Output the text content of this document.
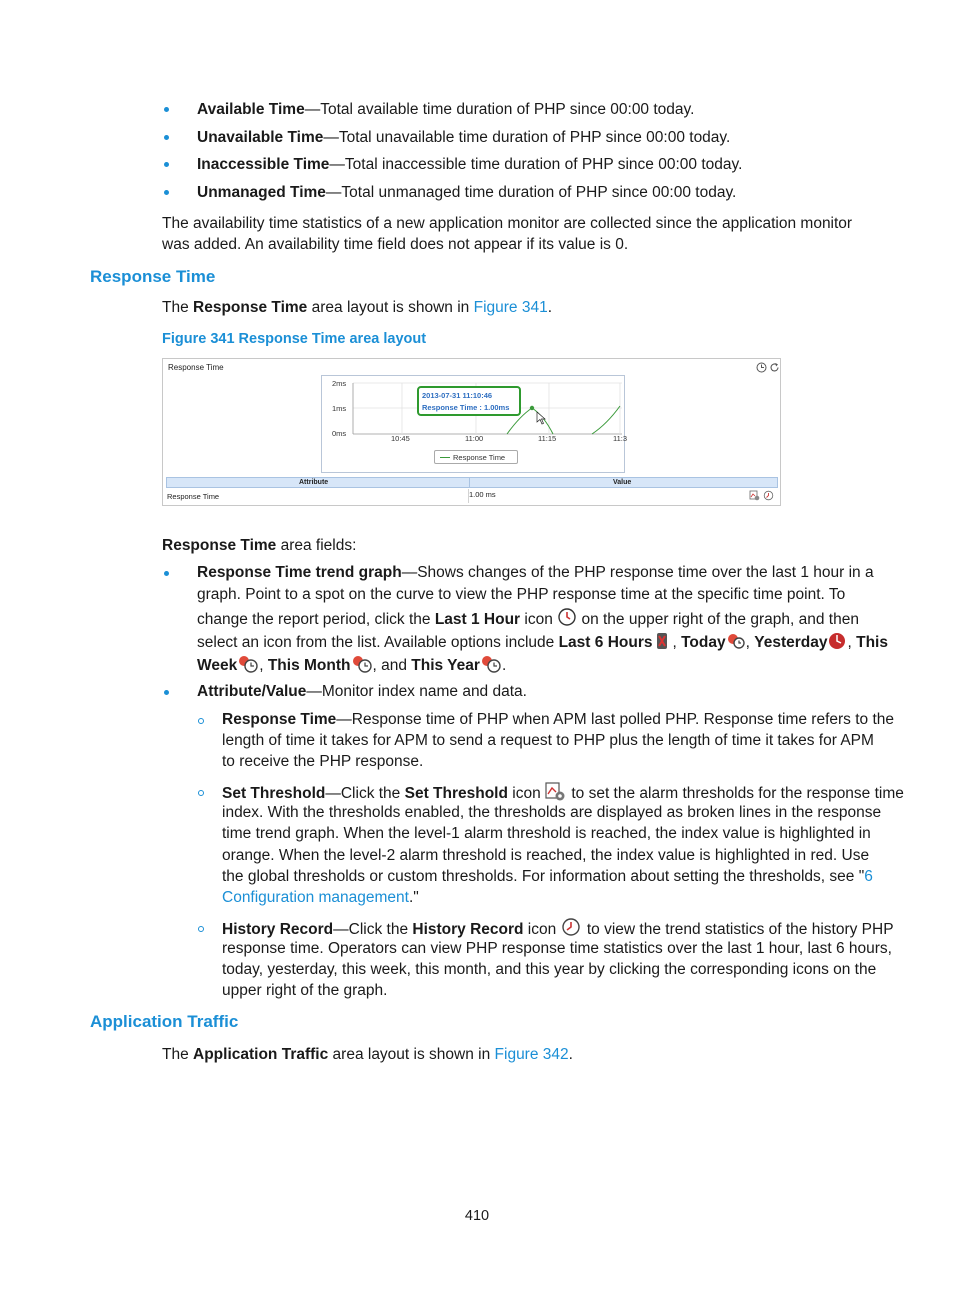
Available Time—Total available time duration of PHP since 00:00 today.
Unavailable Time—Total unavailable time duration of PHP since 00:00 today.
Inaccessible Time—Total inaccessible time duration of PHP since 00:00 today.
Unmanaged Time—Total unmanaged time duration of PHP since 00:00 today.
The availability time statistics of a new application monitor are collected since the application monitor
was added. An availability time field does not appear if its value is 0.
Response Time
The Response Time area layout is shown in Figure 341.
Figure 341 Response Time area layout
Response Time
2ms
1ms
0ms
10:45	11:00	11:15	11:3
2013-07-31 11:10:46
Response Time : 1.00ms
Response Time
Attribute	Value
Response Time	1.00 ms
Response Time area fields:
Response Time trend graph—Shows changes of the PHP response time over the last 1 hour in a
graph. Point to a spot on the curve to view the PHP response time at the specific time point. To
change the report period, click the Last 1 Hour icon  on the upper right of the graph, and then
select an icon from the list. Available options include Last 6 Hours , Today , Yesterday , This
Week , This Month , and This Year .
Attribute/Value—Monitor index name and data.
Response Time—Response time of PHP when APM last polled PHP. Response time refers to the
length of time it takes for APM to send a request to PHP plus the length of time it takes for APM
to receive the PHP response.
Set Threshold—Click the Set Threshold icon  to set the alarm thresholds for the response time
index. With the thresholds enabled, the thresholds are displayed as broken lines in the response
time trend graph. When the level-1 alarm threshold is reached, the index value is highlighted in
orange. When the level-2 alarm threshold is reached, the index value is highlighted in red. Use
the global thresholds or custom thresholds. For information about setting the thresholds, see "6
Configuration management."
History Record—Click the History Record icon  to view the trend statistics of the history PHP
response time. Operators can view PHP response time statistics over the last 1 hour, last 6 hours,
today, yesterday, this week, this month, and this year by clicking the corresponding icons on the
upper right of the graph.
Application Traffic
The Application Traffic area layout is shown in Figure 342.
410
